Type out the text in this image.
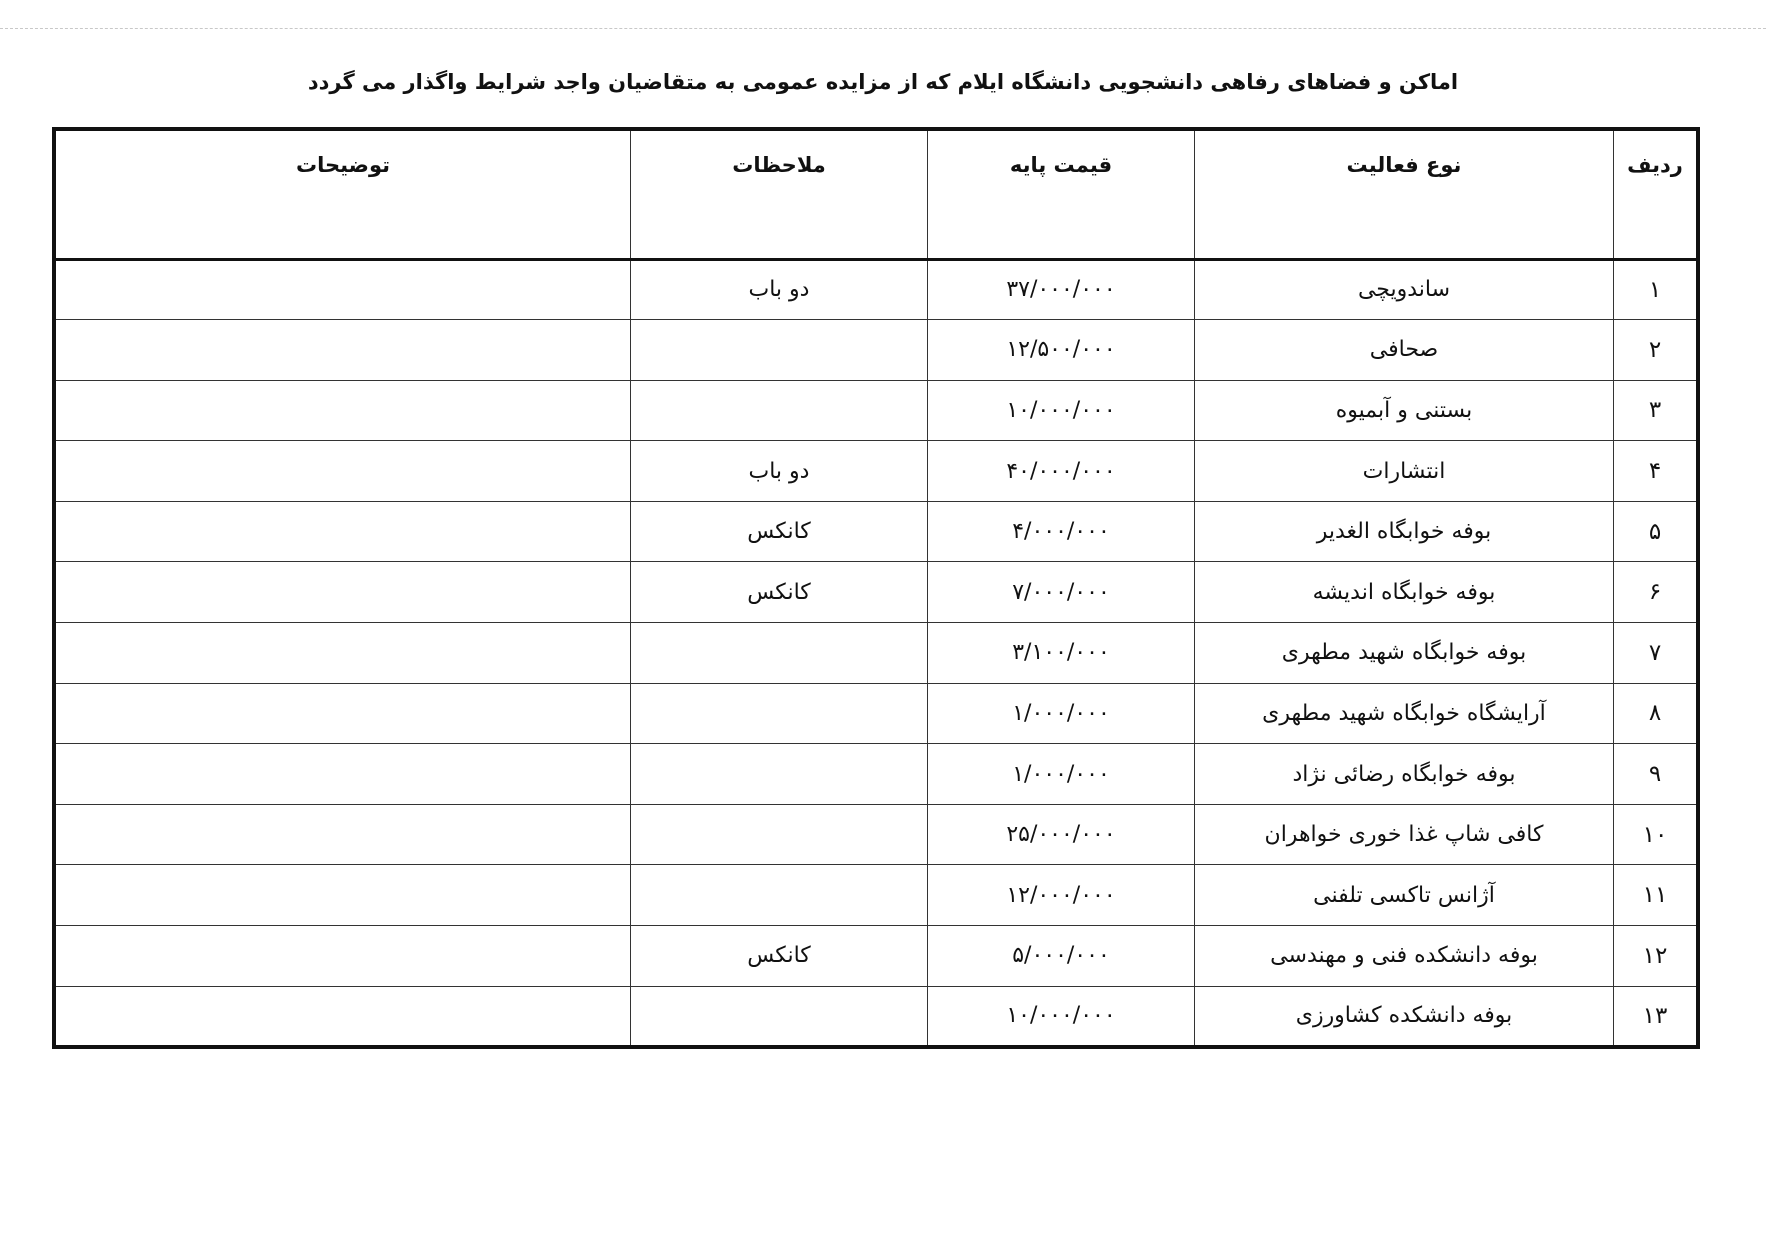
اماکن و فضاهای رفاهی دانشجویی دانشگاه ایلام که از مزایده عمومی به متقاضیان واجد شرایط واگذار می گردد
ردیف	نوع فعالیت	قیمت پایه	ملاحظات	توضیحات
۱	ساندویچی	۳۷/۰۰۰/۰۰۰	دو باب	
۲	صحافی	۱۲/۵۰۰/۰۰۰		
۳	بستنی و آبمیوه	۱۰/۰۰۰/۰۰۰		
۴	انتشارات	۴۰/۰۰۰/۰۰۰	دو باب	
۵	بوفه خوابگاه الغدیر	۴/۰۰۰/۰۰۰	کانکس	
۶	بوفه خوابگاه اندیشه	۷/۰۰۰/۰۰۰	کانکس	
۷	بوفه خوابگاه شهید مطهری	۳/۱۰۰/۰۰۰		
۸	آرایشگاه خوابگاه شهید مطهری	۱/۰۰۰/۰۰۰		
۹	بوفه خوابگاه رضائی نژاد	۱/۰۰۰/۰۰۰		
۱۰	کافی شاپ غذا خوری خواهران	۲۵/۰۰۰/۰۰۰		
۱۱	آژانس تاکسی تلفنی	۱۲/۰۰۰/۰۰۰		
۱۲	بوفه دانشکده فنی و مهندسی	۵/۰۰۰/۰۰۰	کانکس	
۱۳	بوفه دانشکده کشاورزی	۱۰/۰۰۰/۰۰۰		
